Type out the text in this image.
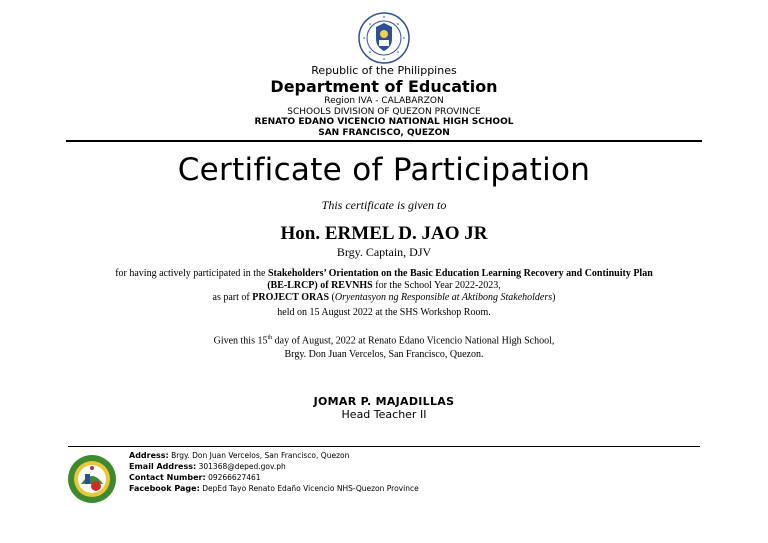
Republic of the Philippines
Department of Education
Region IVA - CALABARZON
SCHOOLS DIVISION OF QUEZON PROVINCE
RENATO EDANO VICENCIO NATIONAL HIGH SCHOOL
SAN FRANCISCO, QUEZON
Certificate of Participation
This certificate is given to
Hon. ERMEL D. JAO JR
Brgy. Captain, DJV
for having actively participated in the Stakeholders’ Orientation on the Basic Education Learning Recovery and Continuity Plan (BE-LRCP) of REVNHS for the School Year 2022-2023,
as part of PROJECT ORAS (Oryentasyon ng Responsible at Aktibong Stakeholders)
held on 15 August 2022 at the SHS Workshop Room.
Given this 15th day of August, 2022 at Renato Edano Vicencio National High School,
Brgy. Don Juan Vercelos, San Francisco, Quezon.
JOMAR P. MAJADILLAS
Head Teacher II
Address: Brgy. Don Juan Vercelos, San Francisco, Quezon
Email Address: 301368@deped.gov.ph
Contact Number: 09266627461
Facebook Page: DepEd Tayo Renato Edaño Vicencio NHS-Quezon Province
